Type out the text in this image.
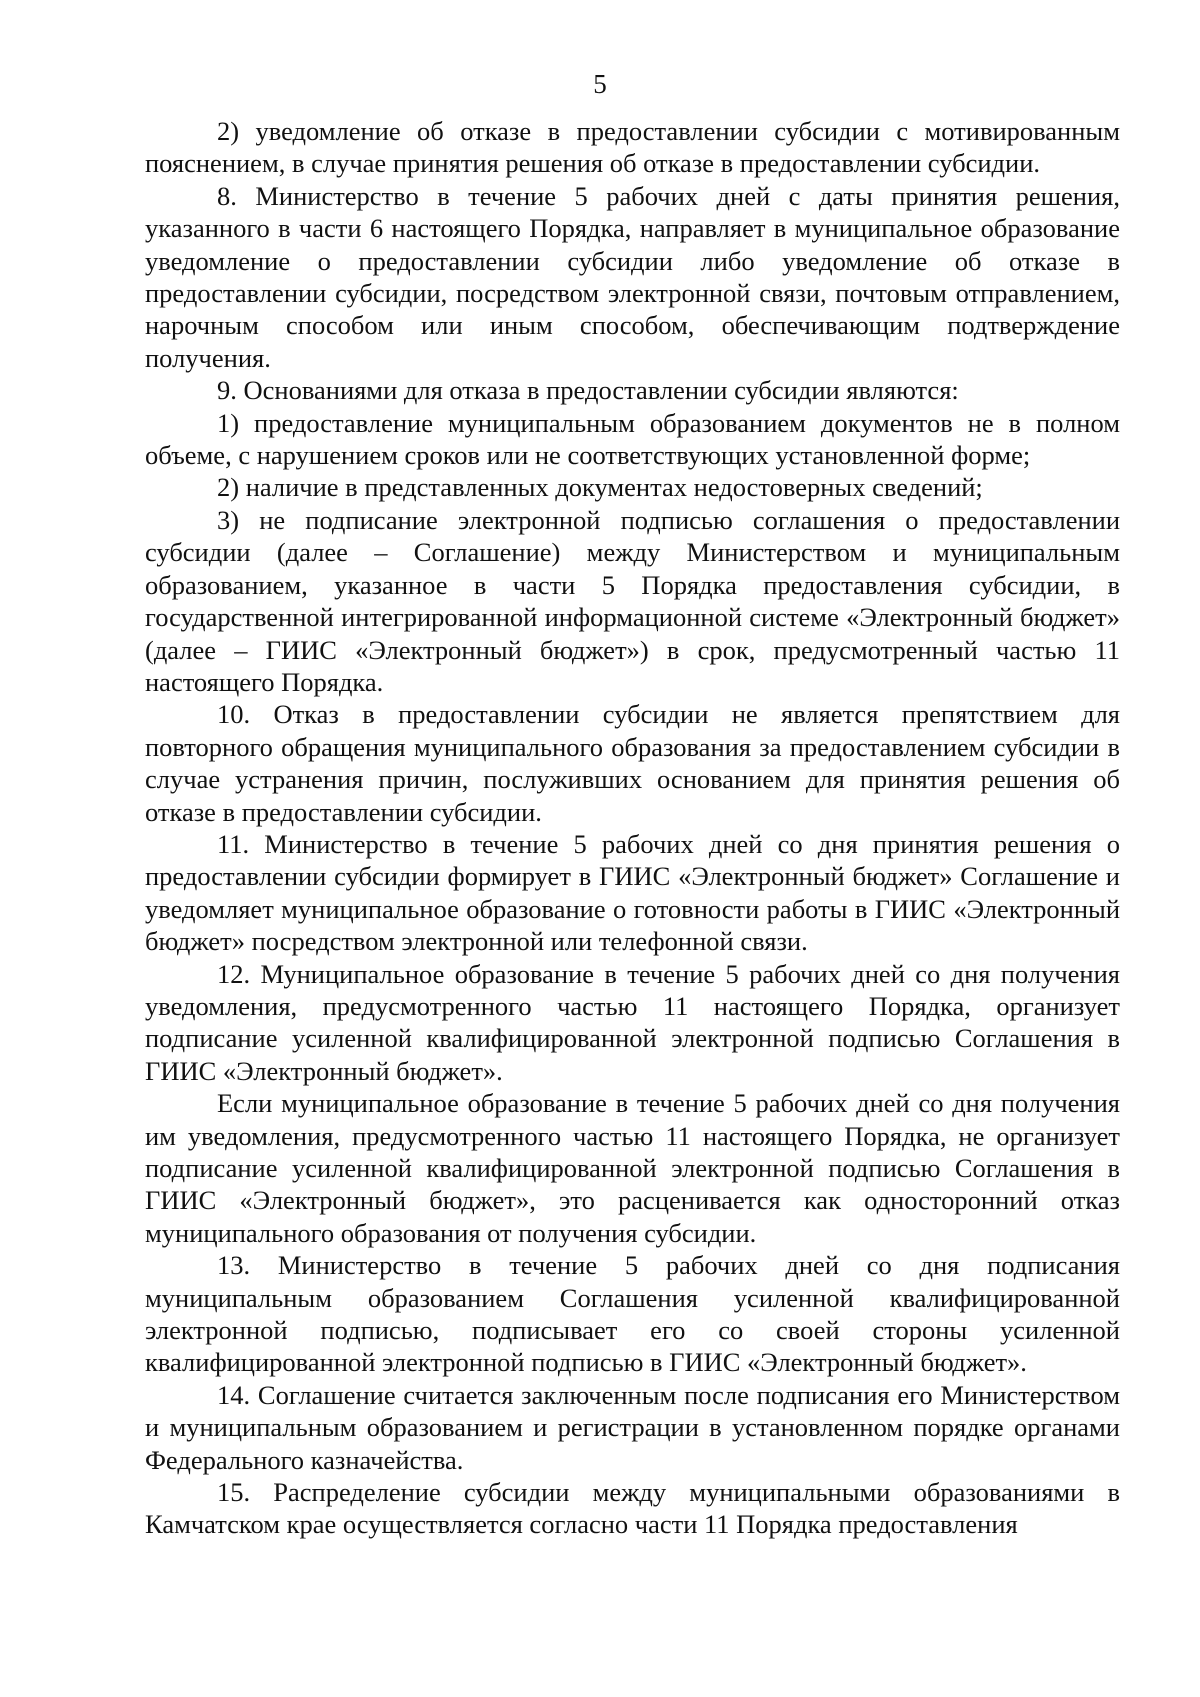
5

2) уведомление об отказе в предоставлении субсидии с мотивированным пояснением, в случае принятия решения об отказе в предоставлении субсидии.

8. Министерство в течение 5 рабочих дней с даты принятия решения, указанного в части 6 настоящего Порядка, направляет в муниципальное образование уведомление о предоставлении субсидии либо уведомление об отказе в предоставлении субсидии, посредством электронной связи, почтовым отправлением, нарочным способом или иным способом, обеспечивающим подтверждение получения.

9. Основаниями для отказа в предоставлении субсидии являются:

1) предоставление муниципальным образованием документов не в полном объеме, с нарушением сроков или не соответствующих установленной форме;

2) наличие в представленных документах недостоверных сведений;

3) не подписание электронной подписью соглашения о предоставлении субсидии (далее – Соглашение) между Министерством и муниципальным образованием, указанное в части 5 Порядка предоставления субсидии, в государственной интегрированной информационной системе «Электронный бюджет» (далее – ГИИС «Электронный бюджет») в срок, предусмотренный частью 11 настоящего Порядка.

10. Отказ в предоставлении субсидии не является препятствием для повторного обращения муниципального образования за предоставлением субсидии в случае устранения причин, послуживших основанием для принятия решения об отказе в предоставлении субсидии.

11. Министерство в течение 5 рабочих дней со дня принятия решения о предоставлении субсидии формирует в ГИИС «Электронный бюджет» Соглашение и уведомляет муниципальное образование о готовности работы в ГИИС «Электронный бюджет» посредством электронной или телефонной связи.

12. Муниципальное образование в течение 5 рабочих дней со дня получения уведомления, предусмотренного частью 11 настоящего Порядка, организует подписание усиленной квалифицированной электронной подписью Соглашения в ГИИС «Электронный бюджет».

Если муниципальное образование в течение 5 рабочих дней со дня получения им уведомления, предусмотренного частью 11 настоящего Порядка, не организует подписание усиленной квалифицированной электронной подписью Соглашения в ГИИС «Электронный бюджет», это расценивается как односторонний отказ муниципального образования от получения субсидии.

13. Министерство в течение 5 рабочих дней со дня подписания муниципальным образованием Соглашения усиленной квалифицированной электронной подписью, подписывает его со своей стороны усиленной квалифицированной электронной подписью в ГИИС «Электронный бюджет».

14. Соглашение считается заключенным после подписания его Министерством и муниципальным образованием и регистрации в установленном порядке органами Федерального казначейства.

15. Распределение субсидии между муниципальными образованиями в Камчатском крае осуществляется согласно части 11 Порядка предоставления
